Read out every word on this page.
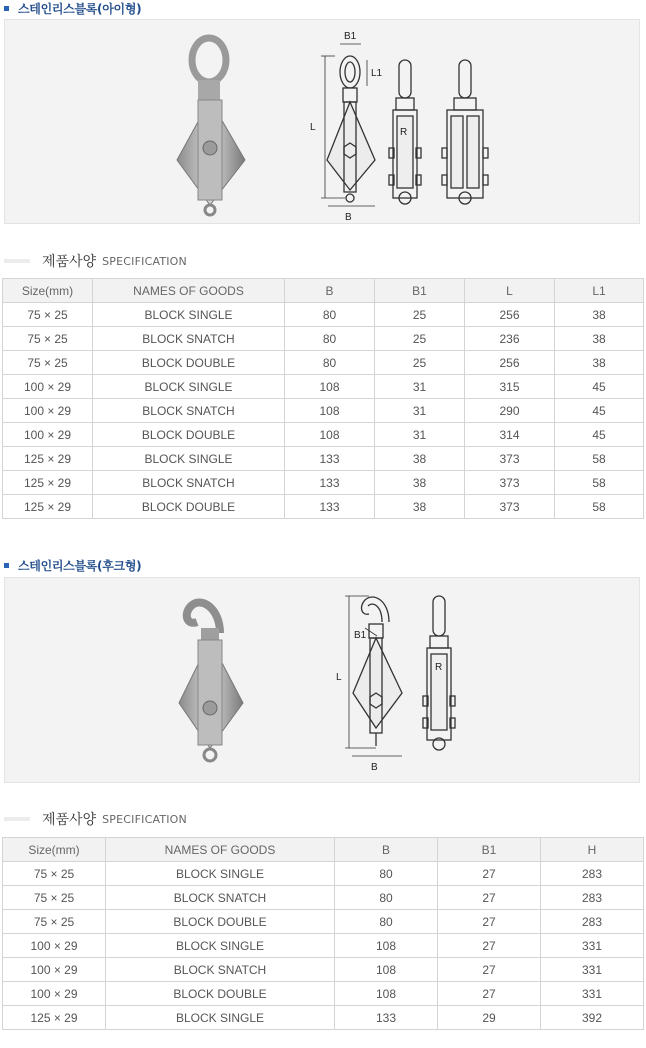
스테인리스블록(아이형)
B1
L1
L
B
R
제품사양 SPECIFICATION
Size(mm)	NAMES OF GOODS	B	B1	L	L1
75 × 25	BLOCK SINGLE	80	25	256	38
75 × 25	BLOCK SNATCH	80	25	236	38
75 × 25	BLOCK DOUBLE	80	25	256	38
100 × 29	BLOCK SINGLE	108	31	315	45
100 × 29	BLOCK SNATCH	108	31	290	45
100 × 29	BLOCK DOUBLE	108	31	314	45
125 × 29	BLOCK SINGLE	133	38	373	58
125 × 29	BLOCK SNATCH	133	38	373	58
125 × 29	BLOCK DOUBLE	133	38	373	58
스테인리스블록(후크형)
B1
L
B
R
제품사양 SPECIFICATION
Size(mm)	NAMES OF GOODS	B	B1	H
75 × 25	BLOCK SINGLE	80	27	283
75 × 25	BLOCK SNATCH	80	27	283
75 × 25	BLOCK DOUBLE	80	27	283
100 × 29	BLOCK SINGLE	108	27	331
100 × 29	BLOCK SNATCH	108	27	331
100 × 29	BLOCK DOUBLE	108	27	331
125 × 29	BLOCK SINGLE	133	29	392
